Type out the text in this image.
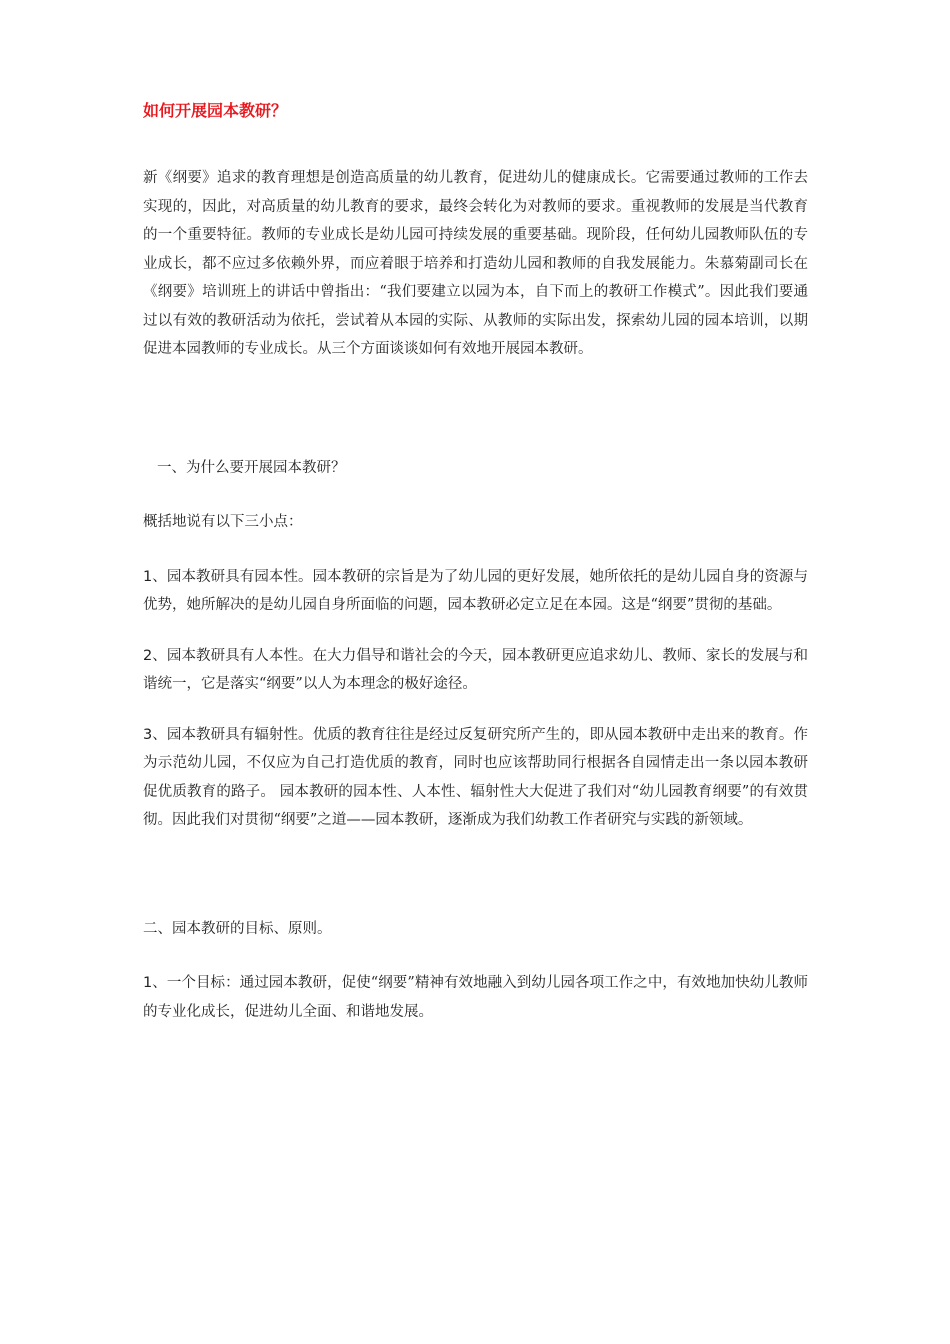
如何开展园本教研？

新《纲要》追求的教育理想是创造高质量的幼儿教育，促进幼儿的健康成长。它需要通过教师的工作去实现的，因此，对高质量的幼儿教育的要求，最终会转化为对教师的要求。重视教师的发展是当代教育的一个重要特征。教师的专业成长是幼儿园可持续发展的重要基础。现阶段，任何幼儿园教师队伍的专业成长，都不应过多依赖外界，而应着眼于培养和打造幼儿园和教师的自我发展能力。朱慕菊副司长在《纲要》培训班上的讲话中曾指出：“我们要建立以园为本，自下而上的教研工作模式”。因此我们要通过以有效的教研活动为依托，尝试着从本园的实际、从教师的实际出发，探索幼儿园的园本培训，以期促进本园教师的专业成长。从三个方面谈谈如何有效地开展园本教研。

一、为什么要开展园本教研？

概括地说有以下三小点：

1、园本教研具有园本性。园本教研的宗旨是为了幼儿园的更好发展，她所依托的是幼儿园自身的资源与优势，她所解决的是幼儿园自身所面临的问题，园本教研必定立足在本园。这是“纲要”贯彻的基础。

2、园本教研具有人本性。在大力倡导和谐社会的今天，园本教研更应追求幼儿、教师、家长的发展与和谐统一，它是落实“纲要”以人为本理念的极好途径。

3、园本教研具有辐射性。优质的教育往往是经过反复研究所产生的，即从园本教研中走出来的教育。作为示范幼儿园，不仅应为自己打造优质的教育，同时也应该帮助同行根据各自园情走出一条以园本教研促优质教育的路子。 园本教研的园本性、人本性、辐射性大大促进了我们对“幼儿园教育纲要”的有效贯彻。因此我们对贯彻“纲要”之道——园本教研，逐渐成为我们幼教工作者研究与实践的新领域。

二、园本教研的目标、原则。

1、一个目标：通过园本教研，促使“纲要”精神有效地融入到幼儿园各项工作之中，有效地加快幼儿教师的专业化成长，促进幼儿全面、和谐地发展。
